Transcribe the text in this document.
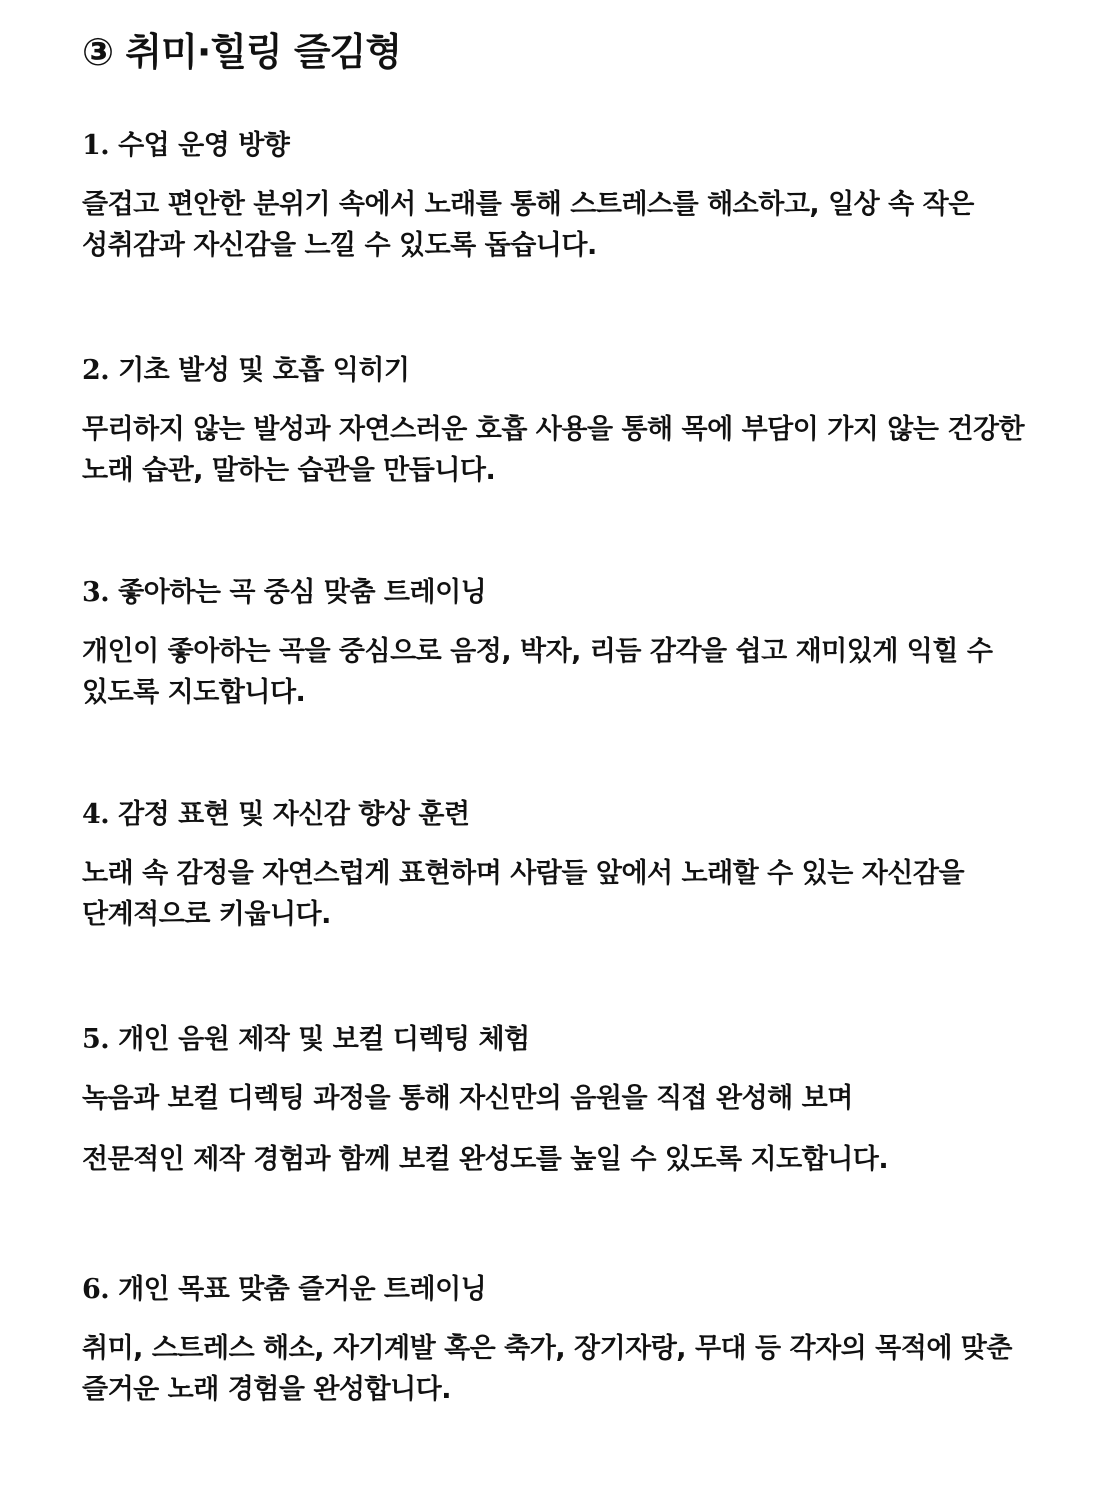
③ 취미·힐링 즐김형
1. 수업 운영 방향

즐겁고 편안한 분위기 속에서 노래를 통해 스트레스를 해소하고, 일상 속 작은 성취감과 자신감을 느낄 수 있도록 돕습니다.

2. 기초 발성 및 호흡 익히기

무리하지 않는 발성과 자연스러운 호흡 사용을 통해 목에 부담이 가지 않는 건강한 노래 습관, 말하는 습관을 만듭니다.

3. 좋아하는 곡 중심 맞춤 트레이닝

개인이 좋아하는 곡을 중심으로 음정, 박자, 리듬 감각을 쉽고 재미있게 익힐 수 있도록 지도합니다.

4. 감정 표현 및 자신감 향상 훈련

노래 속 감정을 자연스럽게 표현하며 사람들 앞에서 노래할 수 있는 자신감을 단계적으로 키웁니다.

5. 개인 음원 제작 및 보컬 디렉팅 체험

녹음과 보컬 디렉팅 과정을 통해 자신만의 음원을 직접 완성해 보며

전문적인 제작 경험과 함께 보컬 완성도를 높일 수 있도록 지도합니다.

6. 개인 목표 맞춤 즐거운 트레이닝

취미, 스트레스 해소, 자기계발 혹은 축가, 장기자랑, 무대 등 각자의 목적에 맞춘 즐거운 노래 경험을 완성합니다.
